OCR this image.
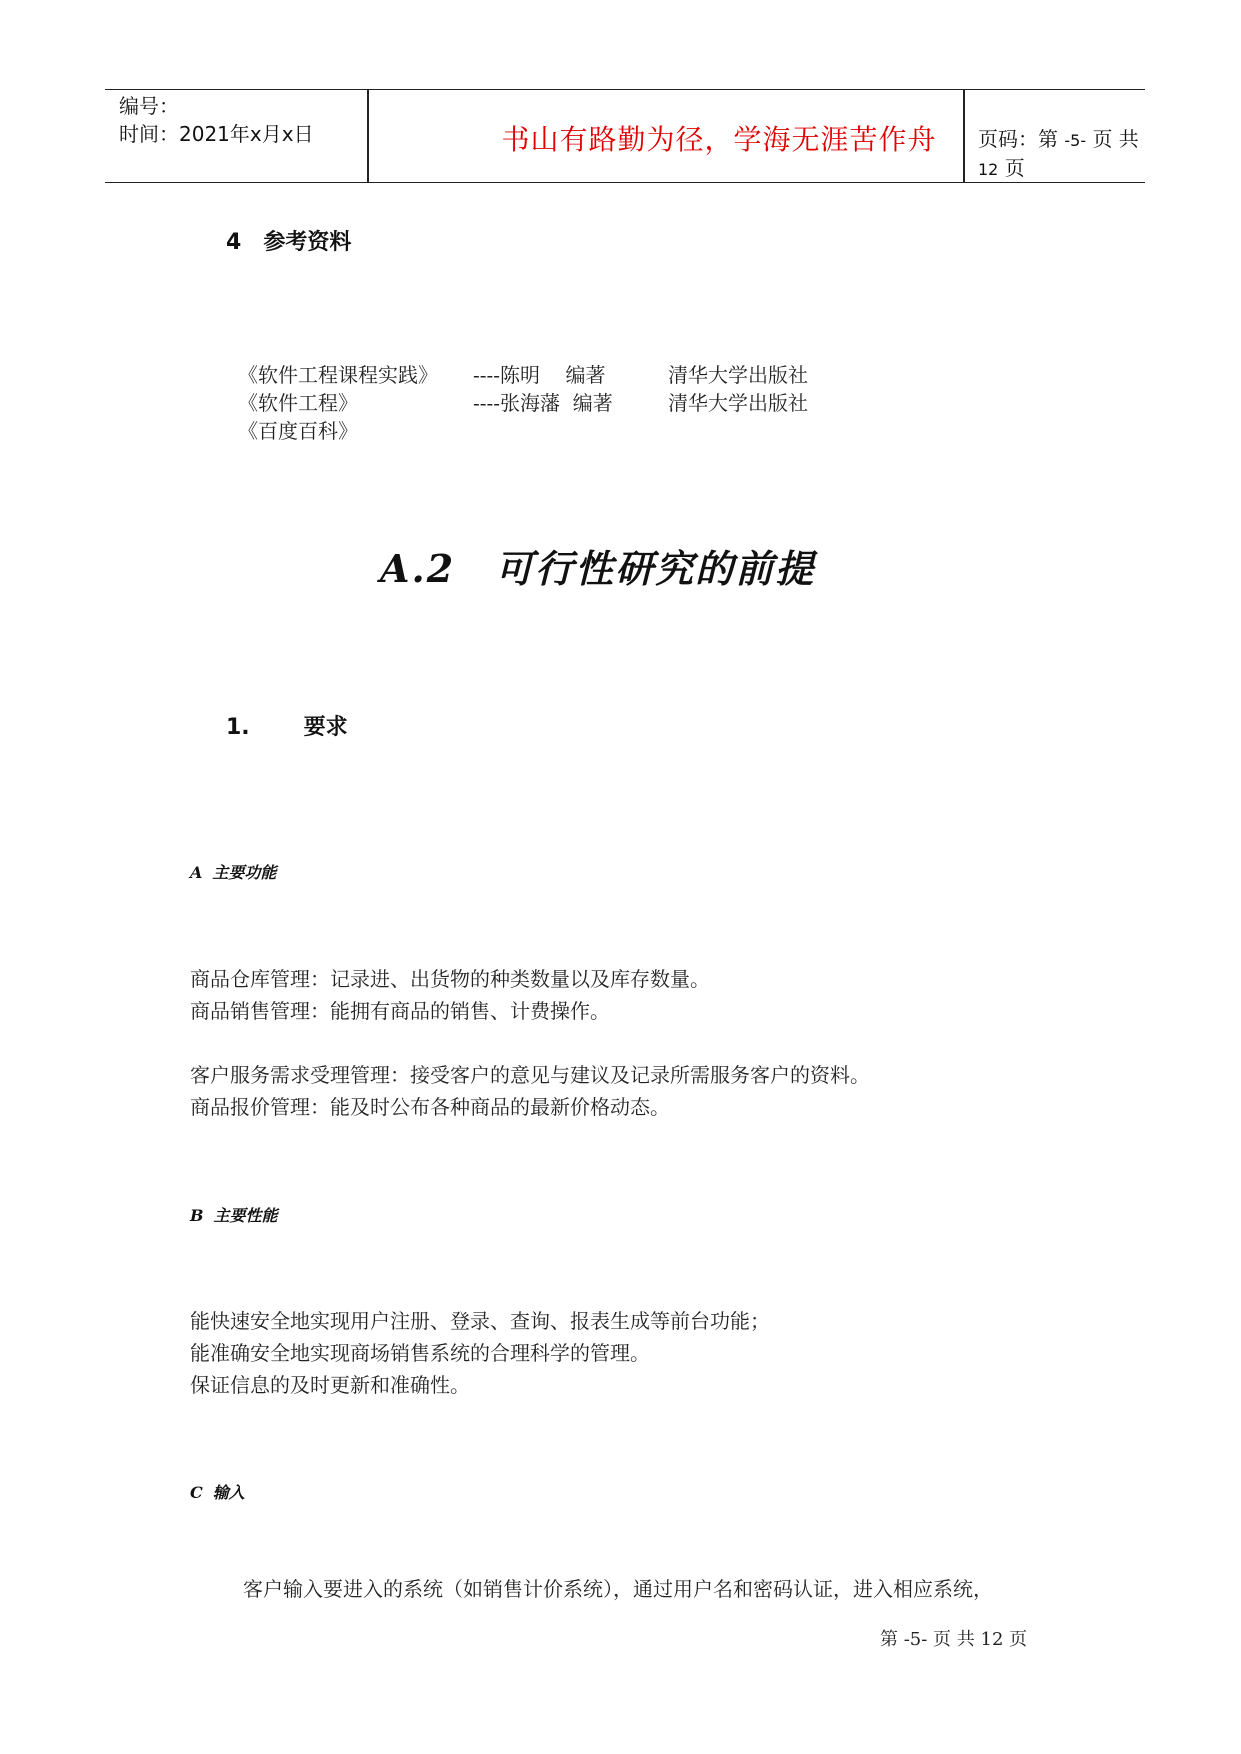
编号：
时间：2021年x月x日	书山有路勤为径，学海无涯苦作舟	页码：第 -5- 页 共 12 页
4 参考资料
《软件工程课程实践》	----陈明    编著	清华大学出版社
《软件工程》	----张海藩  编著	清华大学出版社
《百度百科》
A.2 可行性研究的前提
1. 要求
A 主要功能
商品仓库管理：记录进、出货物的种类数量以及库存数量。
商品销售管理：能拥有商品的销售、计费操作。
客户服务需求受理管理：接受客户的意见与建议及记录所需服务客户的资料。
商品报价管理：能及时公布各种商品的最新价格动态。
B 主要性能
能快速安全地实现用户注册、登录、查询、报表生成等前台功能；
能准确安全地实现商场销售系统的合理科学的管理。
保证信息的及时更新和准确性。
C 输入
客户输入要进入的系统（如销售计价系统），通过用户名和密码认证，进入相应系统，
第 -5- 页 共 12 页
